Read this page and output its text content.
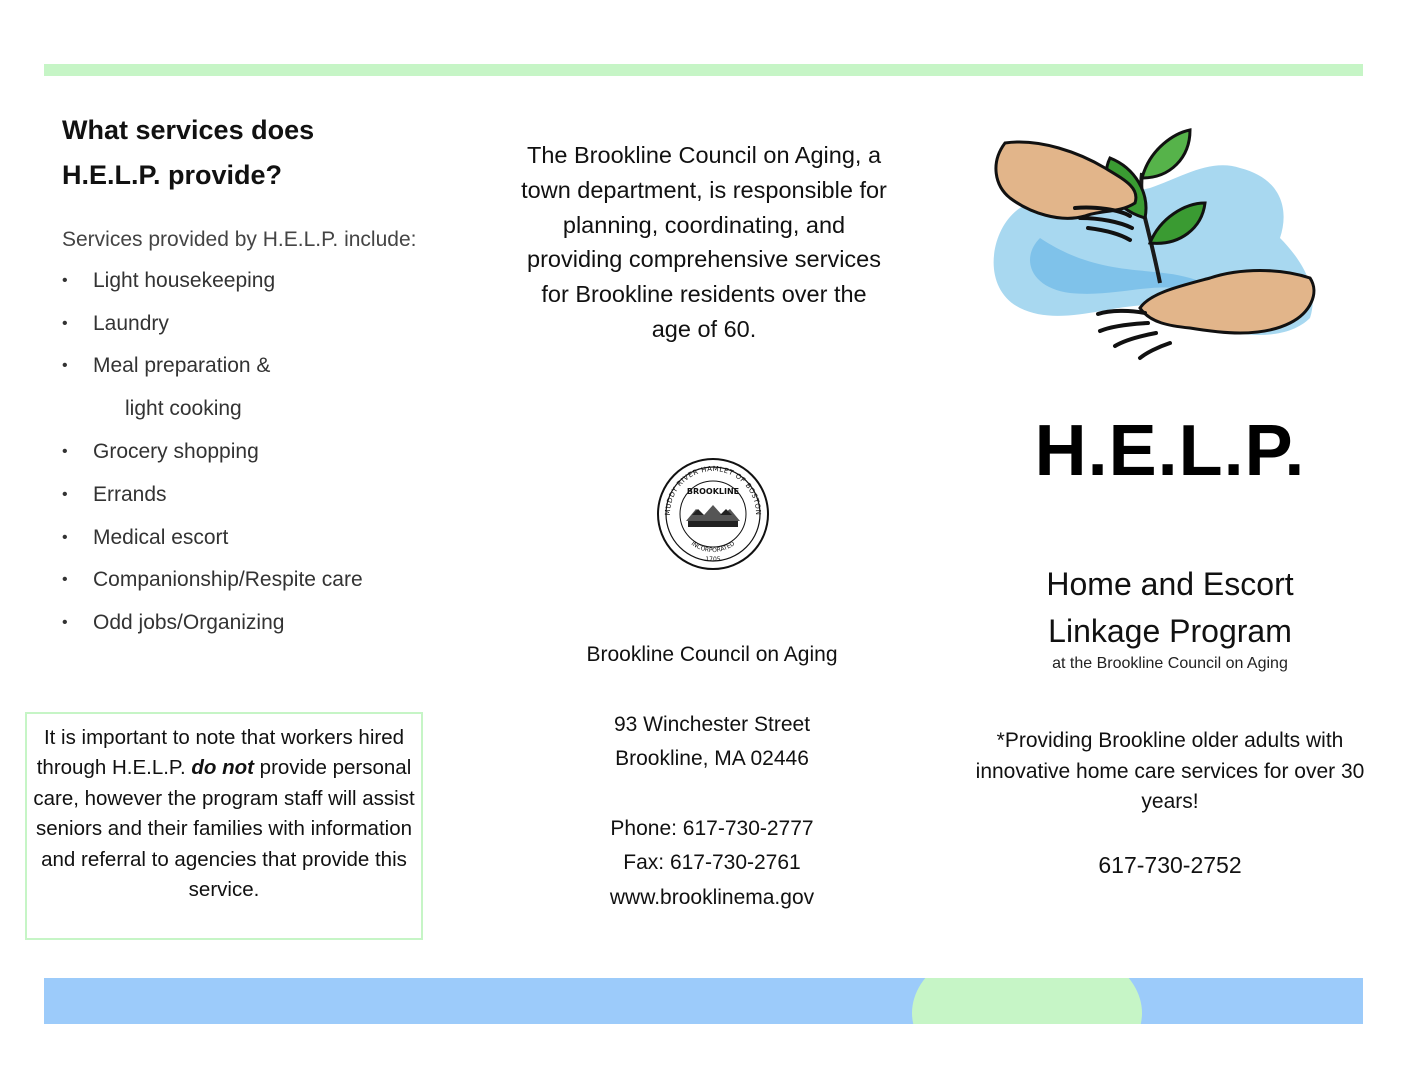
What services does
H.E.L.P. provide?
Services provided by H.E.L.P. include:
• Light housekeeping
• Laundry
• Meal preparation &
light cooking
• Grocery shopping
• Errands
• Medical escort
• Companionship/Respite care
• Odd jobs/Organizing
It is important to note that workers hired through H.E.L.P. do not provide personal care, however the program staff will assist seniors and their families with information and referral to agencies that provide this service.
The Brookline Council on Aging, a town department, is responsible for planning, coordinating, and providing comprehensive services for Brookline residents over the age of 60.
MUDDY RIVER HAMLET OF BOSTON
BROOKLINE
INCORPORATED
1705
Brookline Council on Aging
93 Winchester Street
Brookline, MA 02446
Phone: 617-730-2777
Fax: 617-730-2761
www.brooklinema.gov
H.E.L.P.
Home and Escort
Linkage Program
at the Brookline Council on Aging
*Providing Brookline older adults with innovative home care services for over 30 years!
617-730-2752
